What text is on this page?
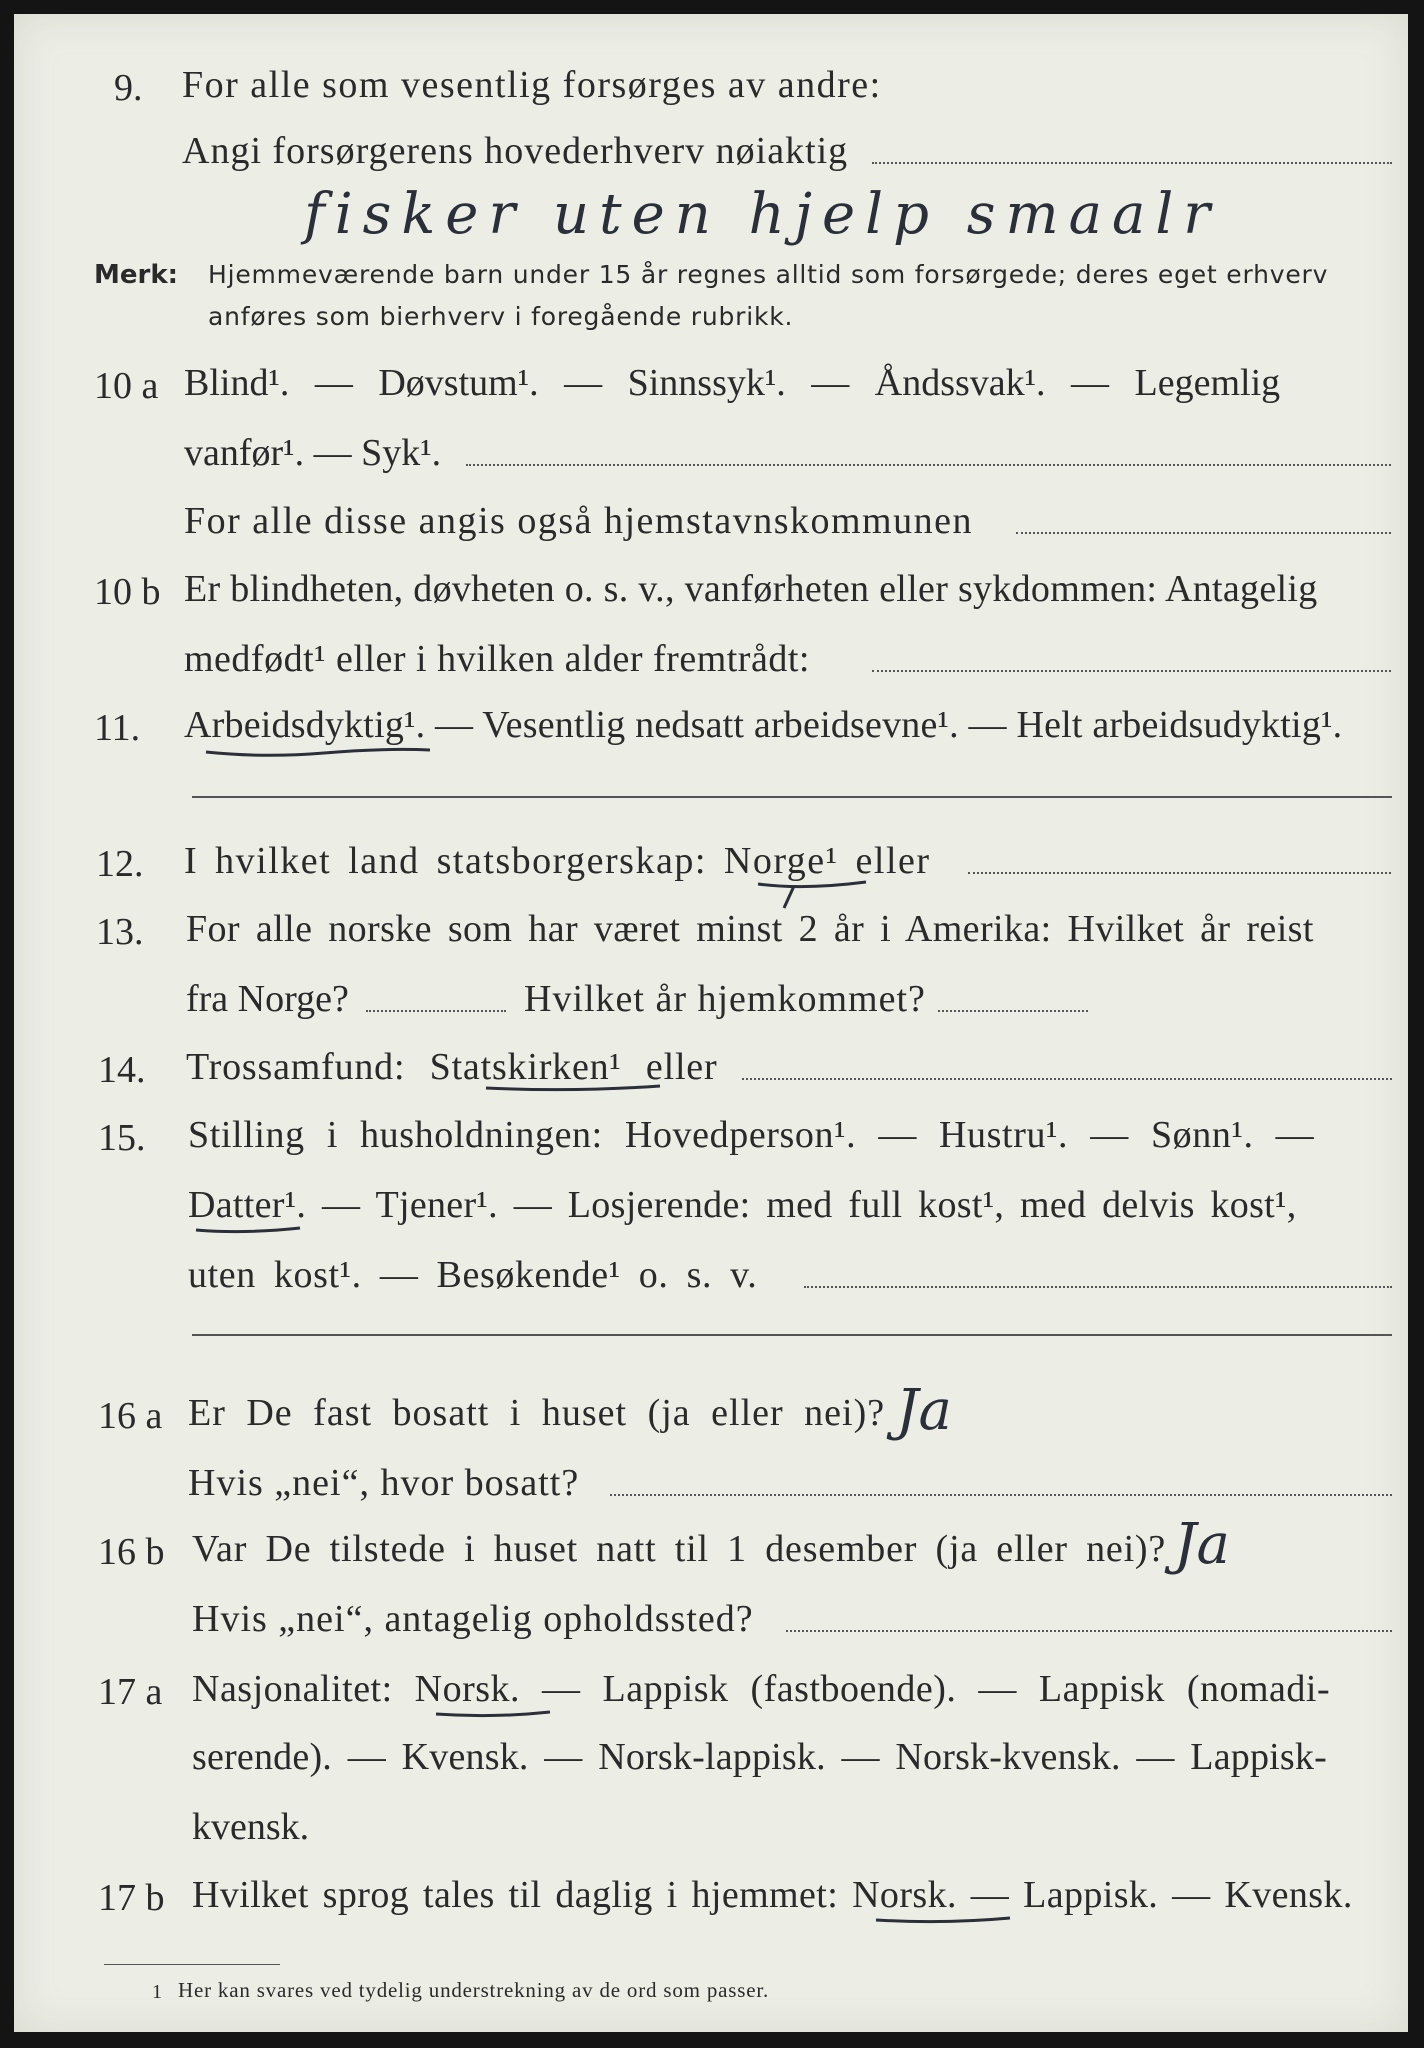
9. For alle som vesentlig forsørges av andre:
Angi forsørgerens hovederhverv nøiaktig
fisker uten hjelp smaalr
Merk: Hjemmeværende barn under 15 år regnes alltid som forsørgede; deres eget erhverv
anføres som bierhverv i foregående rubrikk.
10 a Blind¹. — Døvstum¹. — Sinnssyk¹. — Åndssvak¹. — Legemlig
vanfør¹. — Syk¹.
For alle disse angis også hjemstavnskommunen
10 b Er blindheten, døvheten o. s. v., vanførheten eller sykdommen: Antagelig
medfødt¹ eller i hvilken alder fremtrådt:
11. Arbeidsdyktig¹. — Vesentlig nedsatt arbeidsevne¹. — Helt arbeidsudyktig¹.
12. I hvilket land statsborgerskap: Norge¹ eller
13. For alle norske som har været minst 2 år i Amerika: Hvilket år reist
fra Norge?	Hvilket år hjemkommet?
14. Trossamfund: Statskirken¹ eller
15. Stilling i husholdningen: Hovedperson¹. — Hustru¹. — Sønn¹. —
Datter¹. — Tjener¹. — Losjerende: med full kost¹, med delvis kost¹,
uten kost¹. — Besøkende¹ o. s. v.
16 a Er De fast bosatt i huset (ja eller nei)? Ja
Hvis „nei“, hvor bosatt?
16 b Var De tilstede i huset natt til 1 desember (ja eller nei)? Ja
Hvis „nei“, antagelig opholdssted?
17 a Nasjonalitet: Norsk. — Lappisk (fastboende). — Lappisk (nomadi-
serende). — Kvensk. — Norsk-lappisk. — Norsk-kvensk. — Lappisk-
kvensk.
17 b Hvilket sprog tales til daglig i hjemmet: Norsk. — Lappisk. — Kvensk.
1 Her kan svares ved tydelig understrekning av de ord som passer.
